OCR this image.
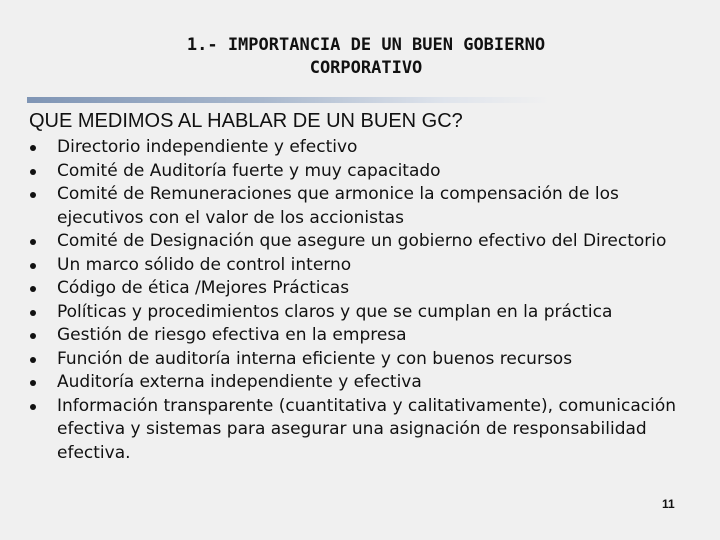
1.- IMPORTANCIA DE UN BUEN GOBIERNO
CORPORATIVO
QUE MEDIMOS AL HABLAR DE UN BUEN GC?
Directorio independiente y efectivo
Comité de Auditoría fuerte y muy capacitado
Comité de Remuneraciones que armonice la compensación de los ejecutivos con el valor de los accionistas
Comité de Designación que asegure un gobierno efectivo del Directorio
Un marco sólido de control interno
Código de ética /Mejores Prácticas
Políticas y procedimientos claros y que se cumplan en la práctica
Gestión de riesgo efectiva en la empresa
Función de auditoría interna eficiente y con buenos recursos
Auditoría externa independiente y efectiva
Información transparente (cuantitativa y calitativamente), comunicación efectiva y sistemas para asegurar una asignación de responsabilidad efectiva.
11
